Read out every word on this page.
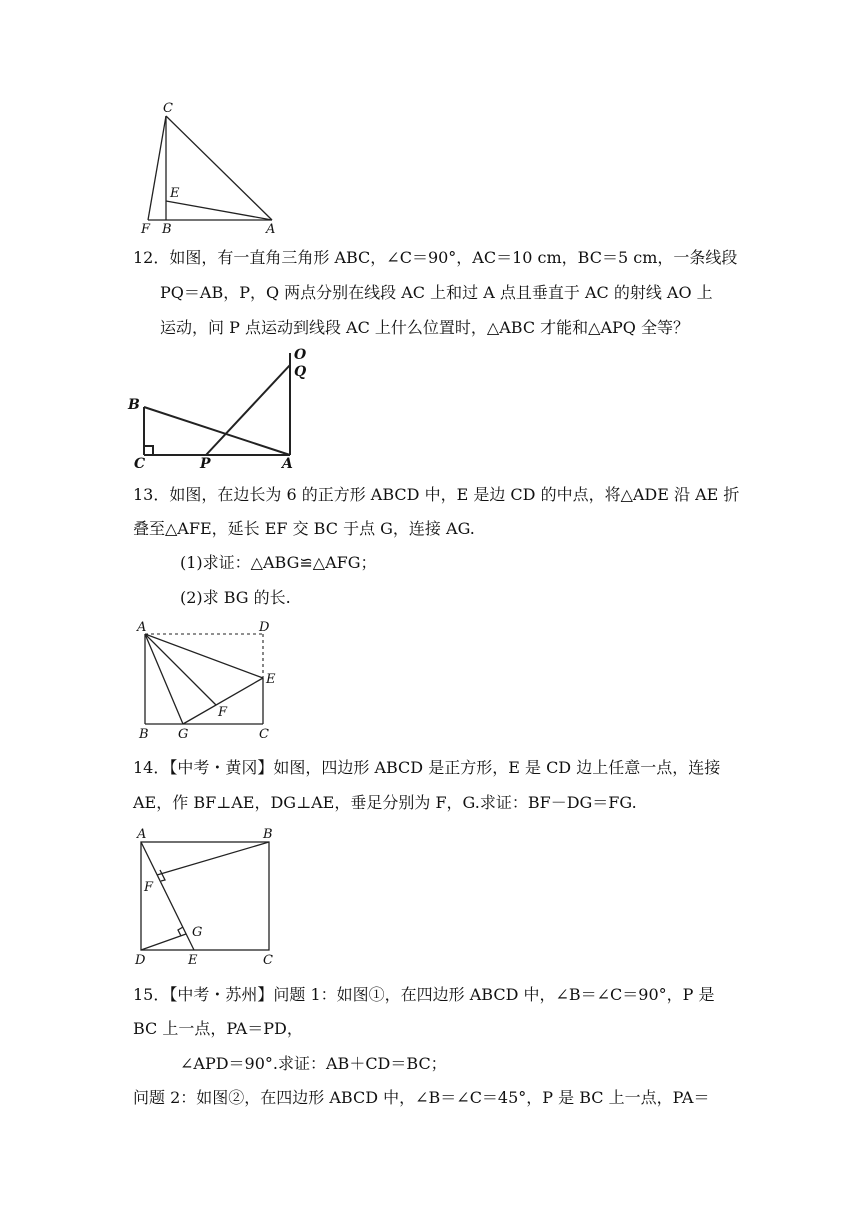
C
E
F B	A
12．如图，有一直角三角形 ABC，∠C＝90°，AC＝10 cm，BC＝5 cm，一条线段
PQ＝AB，P，Q 两点分别在线段 AC 上和过 A 点且垂直于 AC 的射线 AO 上
运动，问 P 点运动到线段 AC 上什么位置时，△ABC 才能和△APQ 全等？
O
Q
B
C	P	A
13．如图，在边长为 6 的正方形 ABCD 中，E 是边 CD 的中点，将△ADE 沿 AE 折
叠至△AFE，延长 EF 交 BC 于点 G，连接 AG.
(1)求证：△ABG≌△AFG；
(2)求 BG 的长.
A	D
E
F
B G	C
14．【中考・黄冈】如图，四边形 ABCD 是正方形，E 是 CD 边上任意一点，连接
AE，作 BF⊥AE，DG⊥AE，垂足分别为 F，G.求证：BF－DG＝FG.
A	B
F
G
D	E	C
15．【中考・苏州】问题 1：如图①，在四边形 ABCD 中，∠B＝∠C＝90°，P 是
BC 上一点，PA＝PD，
∠APD＝90°.求证：AB＋CD＝BC；
问题 2：如图②，在四边形 ABCD 中，∠B＝∠C＝45°，P 是 BC 上一点，PA＝
